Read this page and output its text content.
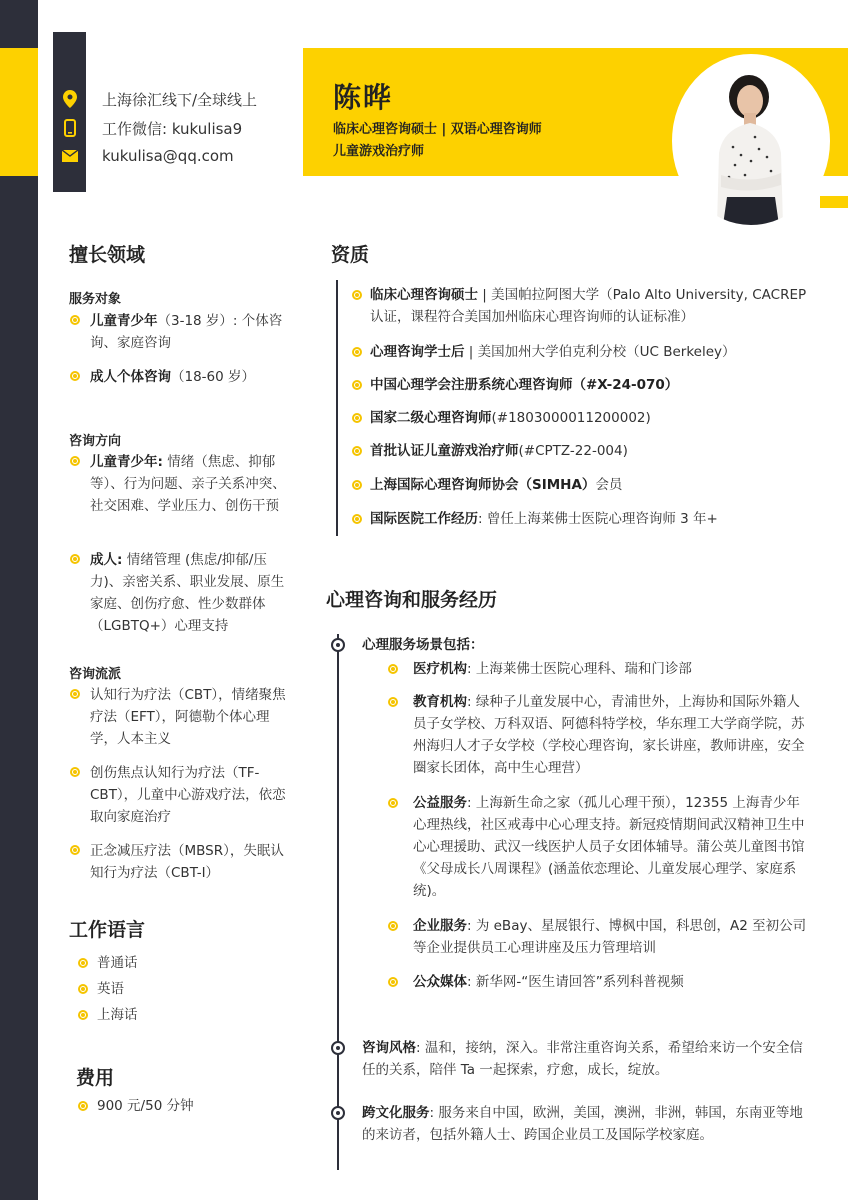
上海徐汇线下/全球线上
工作微信: kukulisa9
kukulisa@qq.com
陈晔
临床心理咨询硕士 | 双语心理咨询师
儿童游戏治疗师
擅长领域
服务对象
儿童青少年（3-18 岁）: 个体咨询、家庭咨询
成人个体咨询（18-60 岁）
咨询方向
儿童青少年: 情绪（焦虑、抑郁等）、行为问题、亲子关系冲突、社交困难、学业压力、创伤干预
成人: 情绪管理 (焦虑/抑郁/压力)、亲密关系、职业发展、原生家庭、创伤疗愈、性少数群体（LGBTQ+）心理支持
咨询流派
认知行为疗法（CBT），情绪聚焦疗法（EFT），阿德勒个体心理学，人本主义
创伤焦点认知行为疗法（TF-CBT），儿童中心游戏疗法，依恋取向家庭治疗
正念减压疗法（MBSR），失眠认知行为疗法（CBT-I）
工作语言
普通话
英语
上海话
费用
900 元/50 分钟
资质
临床心理咨询硕士 | 美国帕拉阿图大学（Palo Alto University, CACREP 认证，课程符合美国加州临床心理咨询师的认证标准）
心理咨询学士后 | 美国加州大学伯克利分校（UC Berkeley）
中国心理学会注册系统心理咨询师（#X-24-070）
国家二级心理咨询师(#1803000011200002)
首批认证儿童游戏治疗师(#CPTZ-22-004)
上海国际心理咨询师协会（SIMHA）会员
国际医院工作经历: 曾任上海莱佛士医院心理咨询师 3 年+
心理咨询和服务经历
心理服务场景包括：
医疗机构: 上海莱佛士医院心理科、瑞和门诊部
教育机构: 绿种子儿童发展中心，青浦世外，上海协和国际外籍人员子女学校、万科双语、阿德科特学校，华东理工大学商学院，苏州海归人才子女学校（学校心理咨询，家长讲座，教师讲座，安全圈家长团体，高中生心理营）
公益服务: 上海新生命之家（孤儿心理干预），12355 上海青少年心理热线，社区戒毒中心心理支持。新冠疫情期间武汉精神卫生中心心理援助、武汉一线医护人员子女团体辅导。蒲公英儿童图书馆《父母成长八周课程》(涵盖依恋理论、儿童发展心理学、家庭系统)。
企业服务: 为 eBay、星展银行、博枫中国，科思创，A2 至初公司等企业提供员工心理讲座及压力管理培训
公众媒体: 新华网-“医生请回答”系列科普视频
咨询风格: 温和，接纳，深入。非常注重咨询关系，希望给来访一个安全信任的关系，陪伴 Ta 一起探索，疗愈，成长，绽放。
跨文化服务: 服务来自中国，欧洲，美国，澳洲，非洲，韩国，东南亚等地的来访者，包括外籍人士、跨国企业员工及国际学校家庭。
